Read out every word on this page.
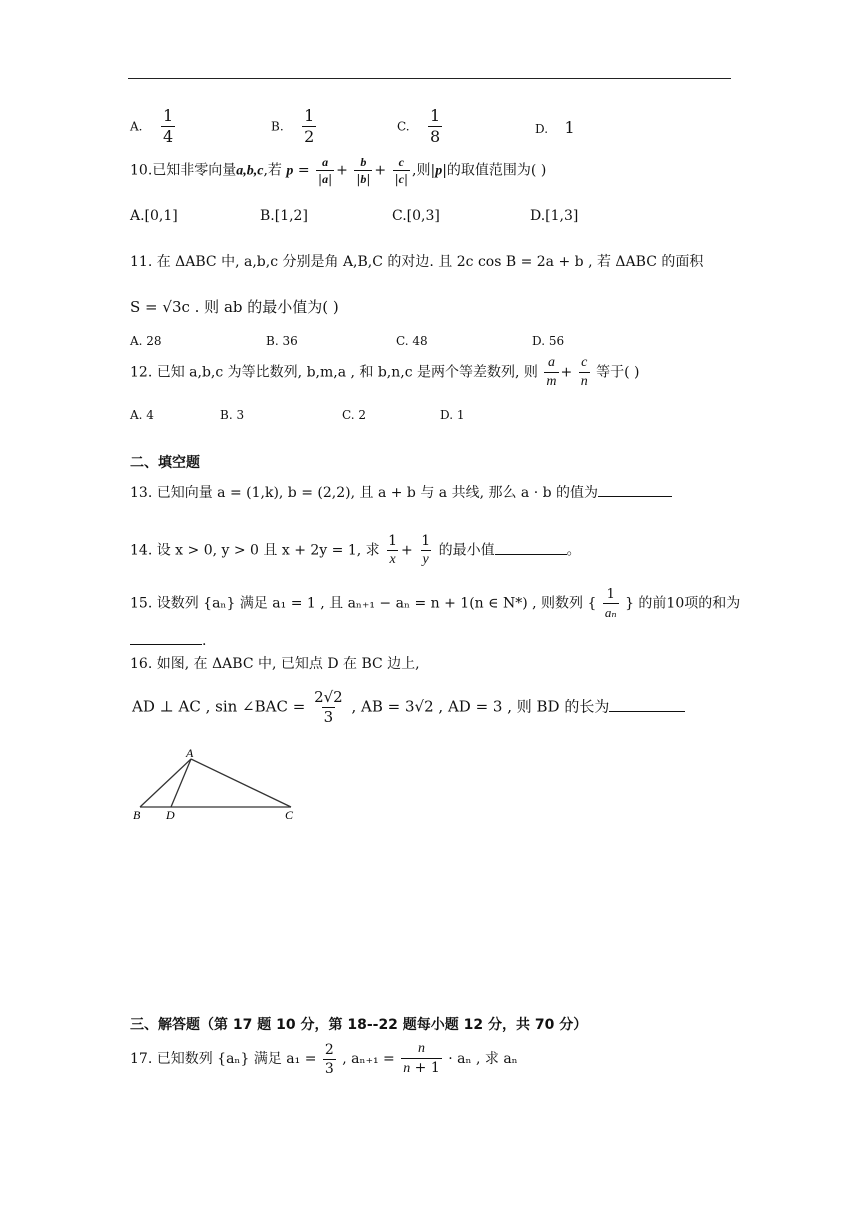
A. $\frac{1}{4}$	B. $\frac{1}{2}$	C. $\frac{1}{8}$	D. 1
10.已知非零向量a,b,c,若 $p = \frac{a}{|a|} + \frac{b}{|b|} + \frac{c}{|c|}$ ,则|p|的取值范围为( )
A.[0,1]	B.[1,2]	C.[0,3]	D.[1,3]
11. 在 ΔABC 中, a,b,c 分别是角 A,B,C 的对边. 且 2c cos B = 2a + b , 若 ΔABC 的面积
S = √3c . 则 ab 的最小值为( )
A. 28	B. 36	C. 48	D. 56
12. 已知 a,b,c 为等比数列, b,m,a , 和 b,n,c 是两个等差数列, 则 $\frac{a}{m} + \frac{c}{n}$ 等于( )
A. 4	B. 3	C. 2	D. 1
二、填空题
13. 已知向量 a = (1,k), b = (2,2), 且 a + b 与 a 共线, 那么 a · b 的值为
14. 设 x > 0, y > 0 且 x + 2y = 1, 求 $\frac{1}{x} + \frac{1}{y}$ 的最小值	。
15. 设数列 {aₙ} 满足 a₁ = 1 , 且 aₙ₊₁ − aₙ = n + 1(n ∈ N*) , 则数列 { $\frac{1}{\text{aₙ}}$ } 的前10项的和为
.
16. 如图, 在 ΔABC 中, 已知点 D 在 BC 边上,
AD ⊥ AC , sin ∠BAC = $\frac{2√2}{3}$ , AB = 3√2 , AD = 3 , 则 BD 的长为
A
B D	C
三、解答题（第 17 题 10 分，第 18--22 题每小题 12 分，共 70 分）
17. 已知数列 {aₙ} 满足 $a_1 = \frac{2}{3}$ , $a_{n+1} = \frac{n}{n + 1} \cdot a_n$ , 求 aₙ
